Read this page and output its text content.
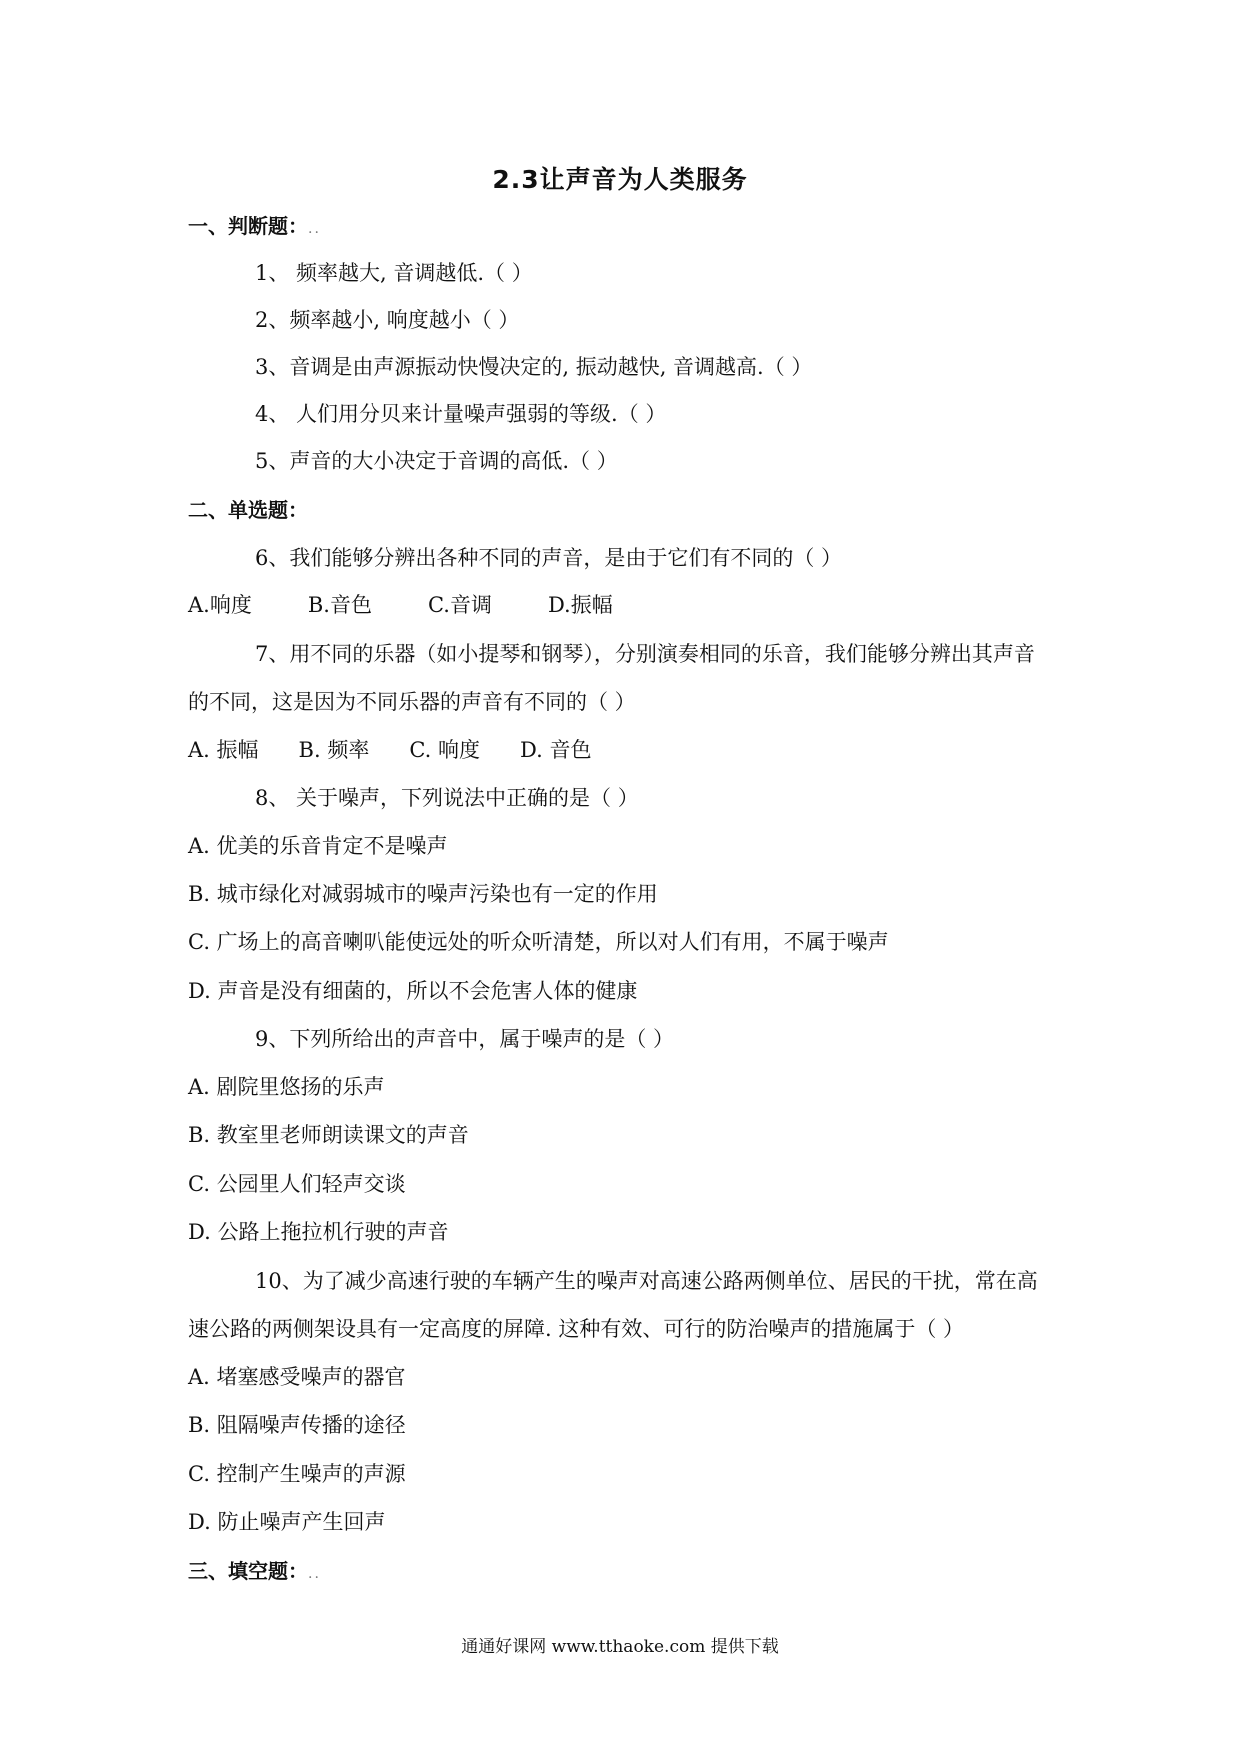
2.3让声音为人类服务
一、判断题：..
1、 频率越大, 音调越低.（ ）
2、频率越小, 响度越小（ ）
3、音调是由声源振动快慢决定的, 振动越快, 音调越高.（ ）
4、 人们用分贝来计量噪声强弱的等级.（ ）
5、声音的大小决定于音调的高低.（ ）
二、单选题：
6、我们能够分辨出各种不同的声音，是由于它们有不同的（ ）
A.响度	B.音色	C.音调	D.振幅
7、用不同的乐器（如小提琴和钢琴），分别演奏相同的乐音，我们能够分辨出其声音
的不同，这是因为不同乐器的声音有不同的（ ）
A. 振幅 B. 频率 C. 响度 D. 音色
8、 关于噪声，下列说法中正确的是（ ）
A. 优美的乐音肯定不是噪声
B. 城市绿化对减弱城市的噪声污染也有一定的作用
C. 广场上的高音喇叭能使远处的听众听清楚，所以对人们有用，不属于噪声
D. 声音是没有细菌的，所以不会危害人体的健康
9、下列所给出的声音中，属于噪声的是（ ）
A. 剧院里悠扬的乐声
B. 教室里老师朗读课文的声音
C. 公园里人们轻声交谈
D. 公路上拖拉机行驶的声音
10、为了减少高速行驶的车辆产生的噪声对高速公路两侧单位、居民的干扰，常在高
速公路的两侧架设具有一定高度的屏障. 这种有效、可行的防治噪声的措施属于（ ）
A. 堵塞感受噪声的器官
B. 阻隔噪声传播的途径
C. 控制产生噪声的声源
D. 防止噪声产生回声
三、填空题：..
通通好课网 www.tthaoke.com 提供下载
